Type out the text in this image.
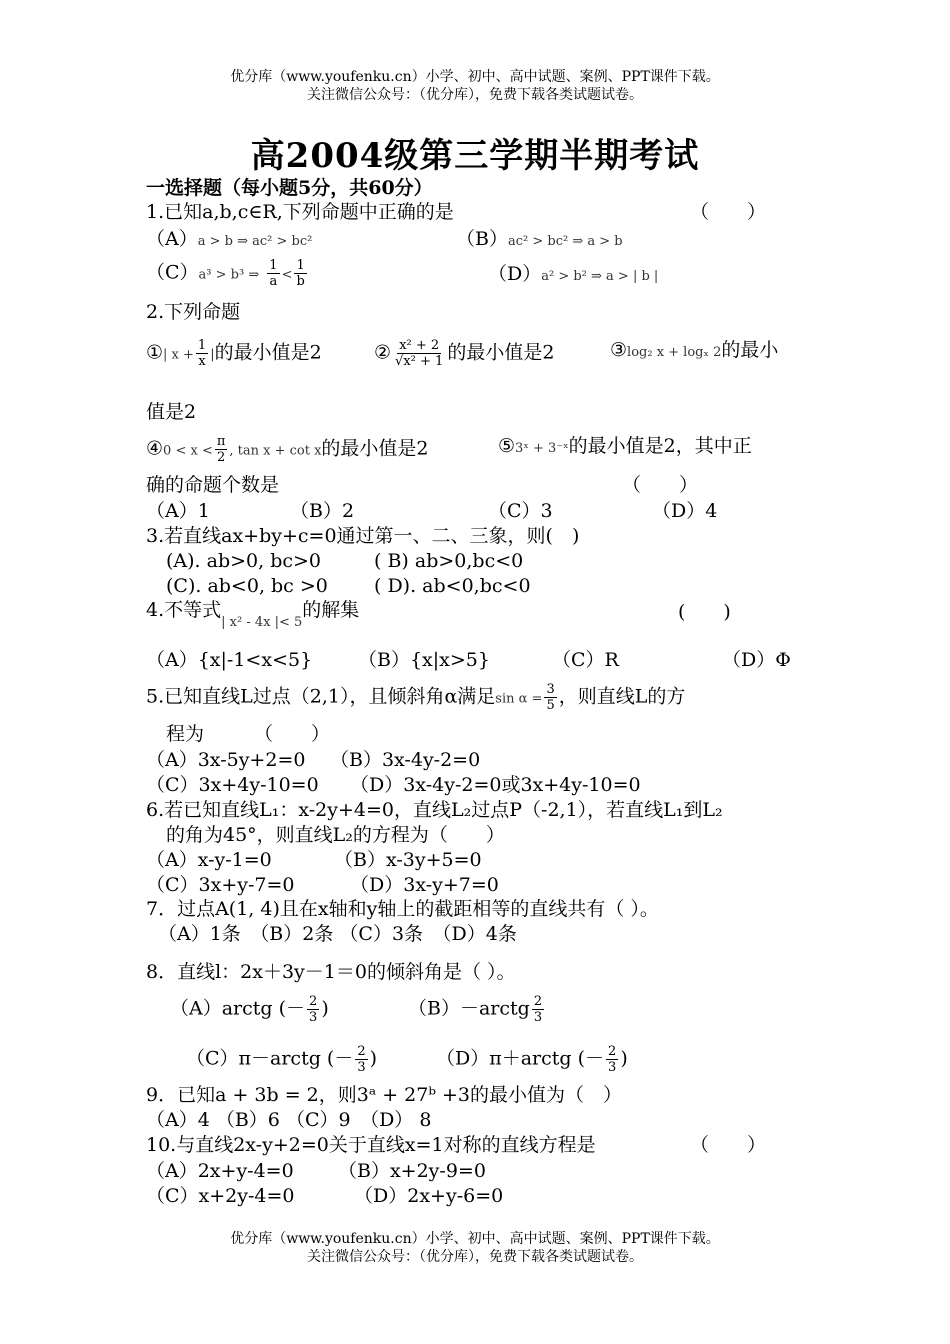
优分库（www.youfenku.cn）小学、初中、高中试题、案例、PPT课件下载。
关注微信公众号：（优分库），免费下载各类试题试卷。
高2004级第三学期半期考试
一选择题（每小题5分，共60分）
1.已知a,b,c∈R,下列命题中正确的是	（　　）
（A）a > b ⇒ ac² > bc²	（B）ac² > bc² ⇒ a > b
（C）a³ > b³ ⇒ $\frac{1}{a} < \frac{1}{b}$	（D）a² > b² ⇒ a > | b |
2.下列命题
①| $x + \frac{1}{x}$ |的最小值是2	② $\frac{\text{x² + 2}}{\text{√x² + 1}}$ 的最小值是2	③log₂ x + logₓ 2的最小
值是2
④0 < $x < \frac{\pi}{2}$ , tan x + cot x的最小值是2	⑤3ˣ + 3⁻ˣ的最小值是2，其中正
确的命题个数是	（　　）
（A）1	（B）2	（C）3	（D）4
3.若直线ax+by+c=0通过第一、二、三象，则(　)
(A). ab>0, bc>0	( B) ab>0,bc<0
(C). ab<0, bc >0 ( D). ab<0,bc<0
4.不等式$_{| x^2 - 4x |< 5}$的解集	(　　)
（A）{x|-1<x<5} （B）{x|x>5}	（C）R	（D）Φ
5.已知直线L过点（2,1），且倾斜角α满足$\sin \alpha = \frac{3}{5}$ ，则直线L的方
程为	（　　）
（A）3x-5y+2=0 （B）3x-4y-2=0
（C）3x+4y-10=0 （D）3x-4y-2=0或3x+4y-10=0
6.若已知直线L₁：x-2y+4=0，直线L₂过点P（-2,1），若直线L₁到L₂
的角为45°，则直线L₂的方程为（　　）
（A）x-y-1=0	（B）x-3y+5=0
（C）3x+y-7=0	（D）3x-y+7=0
7．过点A(1, 4)且在x轴和y轴上的截距相等的直线共有（ ）。
（A）1条　（B）2条 （C）3条　（D）4条
8．直线l：2x＋3y－1＝0的倾斜角是（ ）。
（A）arctg (－ $\frac{2}{3}$ )	（B）－arctg $\frac{2}{3}$
（C）π－arctg (－ $\frac{2}{3}$ )	（D）π＋arctg (－ $\frac{2}{3}$ )
9．已知a + 3b = 2，则3ᵃ + 27ᵇ +3的最小值为（　）
（A）4 （B）6 （C）9　（D） 8
10.与直线2x-y+2=0关于直线x=1对称的直线方程是	（　　）
（A）2x+y-4=0 （B）x+2y-9=0
（C）x+2y-4=0	（D）2x+y-6=0
优分库（www.youfenku.cn）小学、初中、高中试题、案例、PPT课件下载。
关注微信公众号：（优分库），免费下载各类试题试卷。
